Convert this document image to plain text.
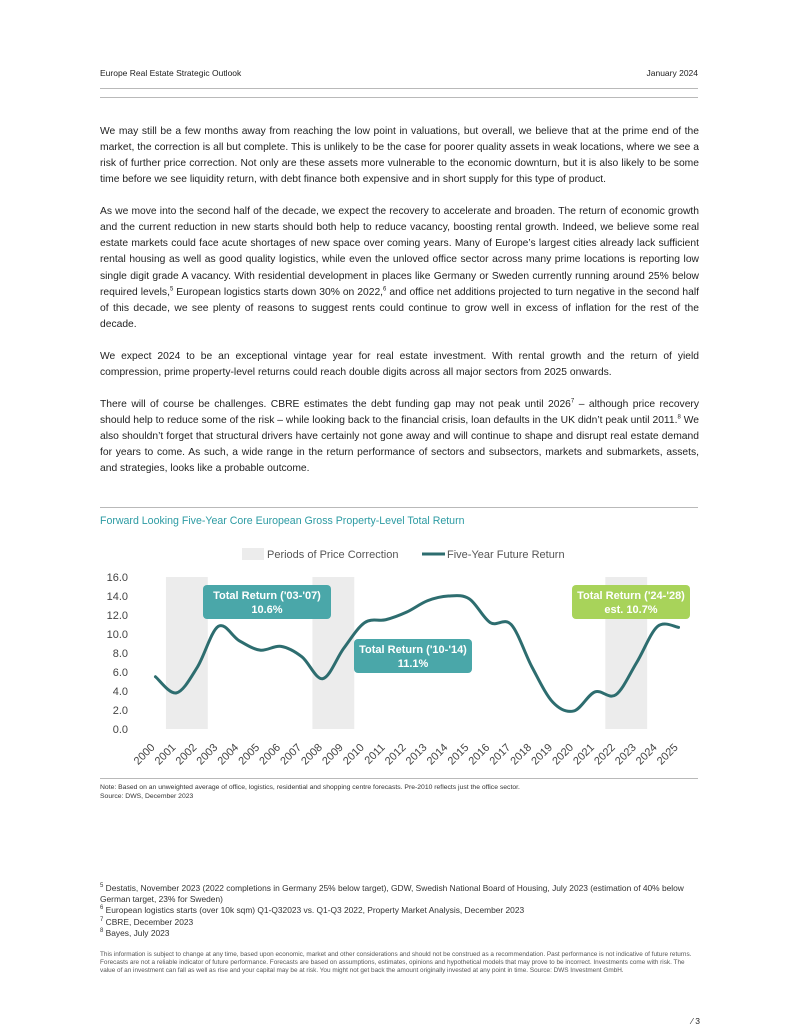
Europe Real Estate Strategic Outlook	January 2024

We may still be a few months away from reaching the low point in valuations, but overall, we believe that at the prime end of the market, the correction is all but complete. This is unlikely to be the case for poorer quality assets in weak locations, where we see a risk of further price correction. Not only are these assets more vulnerable to the economic downturn, but it is also likely to be some time before we see liquidity return, with debt finance both expensive and in short supply for this type of product.

As we move into the second half of the decade, we expect the recovery to accelerate and broaden. The return of economic growth and the current reduction in new starts should both help to reduce vacancy, boosting rental growth. Indeed, we believe some real estate markets could face acute shortages of new space over coming years. Many of Europe’s largest cities already lack sufficient rental housing as well as good quality logistics, while even the unloved office sector across many prime locations is reporting low single digit grade A vacancy. With residential development in places like Germany or Sweden currently running around 25% below required levels,$^5$ European logistics starts down 30% on 2022,$^6$ and office net additions projected to turn negative in the second half of this decade, we see plenty of reasons to suggest rents could continue to grow well in excess of inflation for the rest of the decade.

We expect 2024 to be an exceptional vintage year for real estate investment. With rental growth and the return of yield compression, prime property-level returns could reach double digits across all major sectors from 2025 onwards.

There will of course be challenges. CBRE estimates the debt funding gap may not peak until 2026$^7$ – although price recovery should help to reduce some of the risk – while looking back to the financial crisis, loan defaults in the UK didn’t peak until 2011.$^8$ We also shouldn’t forget that structural drivers have certainly not gone away and will continue to shape and disrupt real estate demand for years to come. As such, a wide range in the return performance of sectors and subsectors, markets and submarkets, assets, and strategies, looks like a probable outcome.

Forward Looking Five-Year Core European Gross Property-Level Total Return
16.0
14.0
12.0
10.0
8.0
6.0
4.0
2.0
0.0
2000
2001
2002
2003
2004
2005
2006
2007
2008
2009
2010
2011
2012
2013
2014
2015
2016
2017
2018
2019
2020
2021
2022
2023
2024
2025
Periods of Price Correction	Five-Year Future Return
Total Return ('03-'07)
10.6%
Total Return ('10-'14)
11.1%
Total Return ('24-'28)
est. 10.7%
Note: Based on an unweighted average of office, logistics, residential and shopping centre forecasts. Pre-2010 reflects just the office sector.
Source: DWS, December 2023
$^5$ Destatis, November 2023 (2022 completions in Germany 25% below target), GDW, Swedish National Board of Housing, July 2023 (estimation of 40% below German target, 23% for Sweden)
$^6$ European logistics starts (over 10k sqm) Q1-Q32023 vs. Q1-Q3 2022, Property Market Analysis, December 2023
$^7$ CBRE, December 2023
$^8$ Bayes, July 2023
This information is subject to change at any time, based upon economic, market and other considerations and should not be construed as a recommendation. Past performance is not indicative of future returns. Forecasts are not a reliable indicator of future performance. Forecasts are based on assumptions, estimates, opinions and hypothetical models that may prove to be incorrect. Investments come with risk. The value of an investment can fall as well as rise and your capital may be at risk. You might not get back the amount originally invested at any point in time. Source: DWS Investment GmbH.
⁄ 3
